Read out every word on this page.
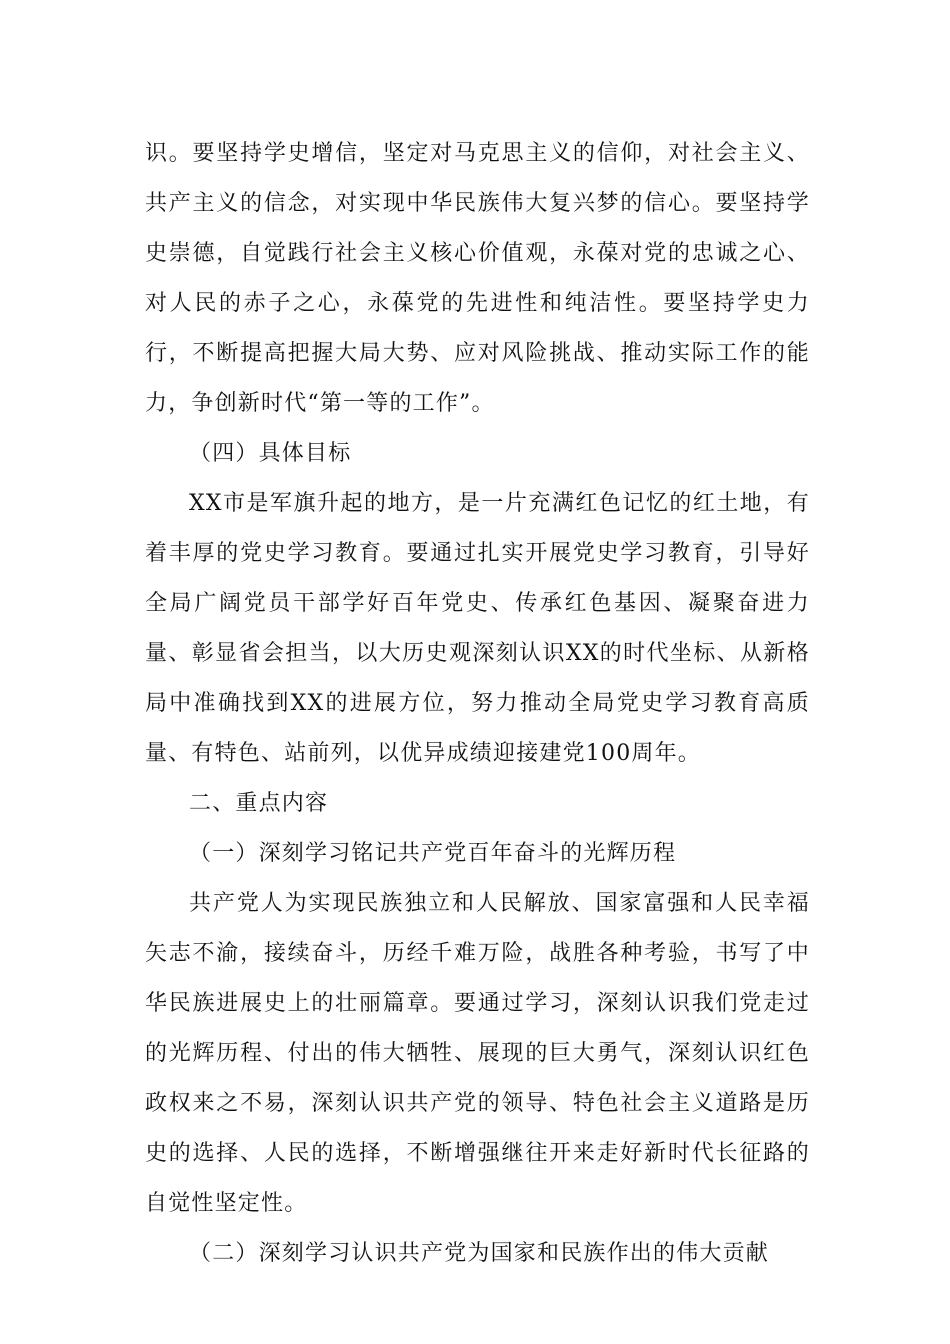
识。要坚持学史增信，坚定对马克思主义的信仰，对社会主义、共产主义的信念，对实现中华民族伟大复兴梦的信心。要坚持学史崇德，自觉践行社会主义核心价值观，永葆对党的忠诚之心、对人民的赤子之心，永葆党的先进性和纯洁性。要坚持学史力行，不断提高把握大局大势、应对风险挑战、推动实际工作的能力，争创新时代“第一等的工作”。

（四）具体目标

XX市是军旗升起的地方，是一片充满红色记忆的红土地，有着丰厚的党史学习教育。要通过扎实开展党史学习教育，引导好全局广阔党员干部学好百年党史、传承红色基因、凝聚奋进力量、彰显省会担当，以大历史观深刻认识XX的时代坐标、从新格局中准确找到XX的进展方位，努力推动全局党史学习教育高质量、有特色、站前列，以优异成绩迎接建党100周年。

二、重点内容

（一）深刻学习铭记共产党百年奋斗的光辉历程

共产党人为实现民族独立和人民解放、国家富强和人民幸福矢志不渝，接续奋斗，历经千难万险，战胜各种考验，书写了中华民族进展史上的壮丽篇章。要通过学习，深刻认识我们党走过的光辉历程、付出的伟大牺牲、展现的巨大勇气，深刻认识红色政权来之不易，深刻认识共产党的领导、特色社会主义道路是历史的选择、人民的选择，不断增强继往开来走好新时代长征路的自觉性坚定性。

（二）深刻学习认识共产党为国家和民族作出的伟大贡献
